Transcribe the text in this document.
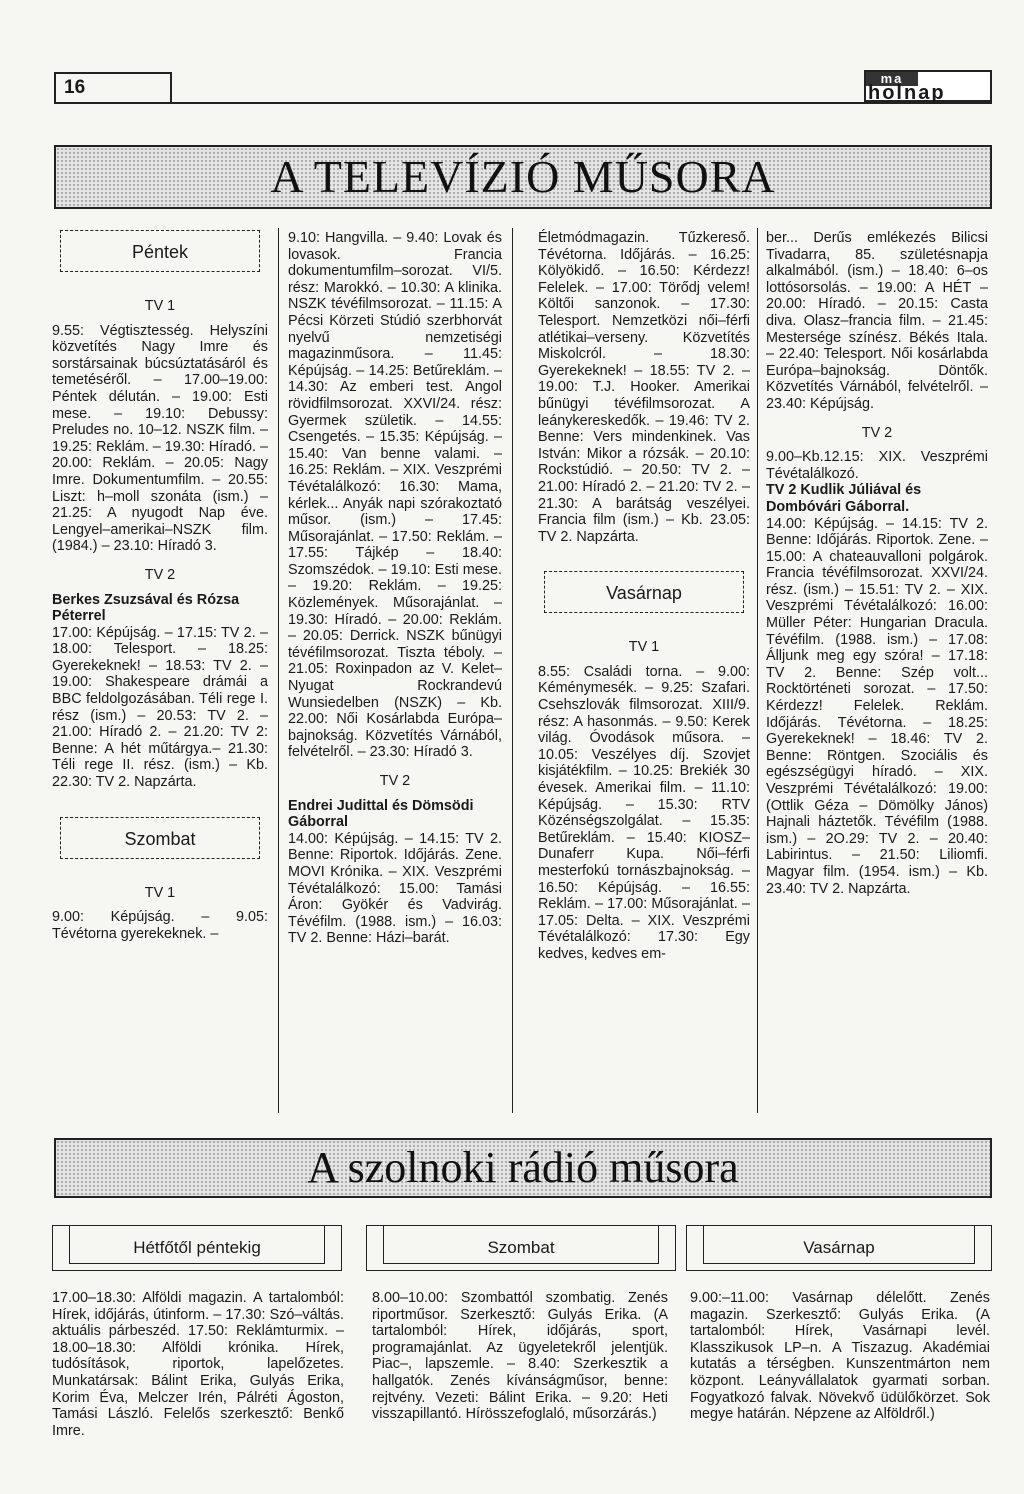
16	ma
holnap
A TELEVÍZIÓ MŰSORA
Péntek

TV 1

9.55: Végtisztesség. Helyszíni közvetítés Nagy Imre és sorstársainak búcsúztatásáról és temetéséről. – 17.00–19.00: Péntek délután. – 19.00: Esti mese. – 19.10: Debussy: Preludes no. 10–12. NSZK film. – 19.25: Reklám. – 19.30: Híradó. – 20.00: Reklám. – 20.05: Nagy Imre. Dokumentumfilm. – 20.55: Liszt: h–moll szonáta (ism.) – 21.25: A nyugodt Nap éve. Lengyel–amerikai–NSZK film. (1984.) – 23.10: Híradó 3.

TV 2

Berkes Zsuzsával és Rózsa Péterrel

17.00: Képújság. – 17.15: TV 2. – 18.00: Telesport. – 18.25: Gyerekeknek! – 18.53: TV 2. – 19.00: Shakespeare drámái a BBC feldolgozásában. Téli rege I. rész (ism.) – 20.53: TV 2. – 21.00: Híradó 2. – 21.20: TV 2: Benne: A hét műtárgya.– 21.30: Téli rege II. rész. (ism.) – Kb. 22.30: TV 2. Napzárta.

Szombat

TV 1

9.00: Képújság. – 9.05: Tévétorna gyerekeknek. –

9.10: Hangvilla. – 9.40: Lovak és lovasok. Francia dokumentumfilm–sorozat. VI/5. rész: Marokkó. – 10.30: A klinika. NSZK tévéfilmsorozat. – 11.15: A Pécsi Körzeti Stúdió szerbhorvát nyelvű nemzetiségi magazinműsora. – 11.45: Képújság. – 14.25: Betűreklám. – 14.30: Az emberi test. Angol rövidfilmsorozat. XXVI/24. rész: Gyermek születik. – 14.55: Csengetés. – 15.35: Képújság. – 15.40: Van benne valami. – 16.25: Reklám. – XIX. Veszprémi Tévétalálkozó: 16.30: Mama, kérlek... Anyák napi szórakoztató műsor. (ism.) – 17.45: Műsorajánlat. – 17.50: Reklám. – 17.55: Tájkép – 18.40: Szomszédok. – 19.10: Esti mese. – 19.20: Reklám. – 19.25: Közlemények. Műsorajánlat. – 19.30: Híradó. – 20.00: Reklám. – 20.05: Derrick. NSZK bűnügyi tévéfilmsorozat. Tiszta téboly. – 21.05: Roxinpadon az V. Kelet–Nyugat Rockrandevú Wunsiedelben (NSZK) – Kb. 22.00: Női Kosárlabda Európa–bajnokság. Közvetítés Várnából, felvételről. – 23.30: Híradó 3.

TV 2

Endrei Judittal és Dömsödi Gáborral

14.00: Képújság. – 14.15: TV 2. Benne: Riportok. Időjárás. Zene. MOVI Krónika. – XIX. Veszprémi Tévétalálkozó: 15.00: Tamási Áron: Gyökér és Vadvirág. Tévéfilm. (1988. ism.) – 16.03: TV 2. Benne: Házi–barát.

Életmódmagazin. Tűzkereső. Tévétorna. Időjárás. – 16.25: Kölyökidő. – 16.50: Kérdezz! Felelek. – 17.00: Törődj velem! Költői sanzonok. – 17.30: Telesport. Nemzetközi női–férfi atlétikai–verseny. Közvetítés Miskolcról. – 18.30: Gyerekeknek! – 18.55: TV 2. – 19.00: T.J. Hooker. Amerikai bűnügyi tévéfilmsorozat. A leánykereskedők. – 19.46: TV 2. Benne: Vers mindenkinek. Vas István: Mikor a rózsák. – 20.10: Rockstúdió. – 20.50: TV 2. – 21.00: Híradó 2. – 21.20: TV 2. – 21.30: A barátság veszélyei. Francia film (ism.) – Kb. 23.05: TV 2. Napzárta.

Vasárnap

TV 1

8.55: Családi torna. – 9.00: Kéménymesék. – 9.25: Szafari. Csehszlovák filmsorozat. XIII/9. rész: A hasonmás. – 9.50: Kerek világ. Óvodások műsora. – 10.05: Veszélyes díj. Szovjet kisjátékfilm. – 10.25: Brekiék 30 évesek. Amerikai film. – 11.10: Képújság. – 15.30: RTV Közénségszolgálat. – 15.35: Betűreklám. – 15.40: KIOSZ–Dunaferr Kupa. Női–férfi mesterfokú tornászbajnokság. – 16.50: Képújság. – 16.55: Reklám. – 17.00: Műsorajánlat. – 17.05: Delta. – XIX. Veszprémi Tévétalálkozó: 17.30: Egy kedves, kedves em-

ber... Derűs emlékezés Bilicsi Tivadarra, 85. születésnapja alkalmából. (ism.) – 18.40: 6–os lottósorsolás. – 19.00: A HÉT – 20.00: Híradó. – 20.15: Casta diva. Olasz–francia film. – 21.45: Mestersége színész. Békés Itala. – 22.40: Telesport. Női kosárlabda Európa–bajnokság. Döntők. Közvetítés Várnából, felvételről. – 23.40: Képújság.

TV 2

9.00–Kb.12.15: XIX. Veszprémi Tévétalálkozó.

TV 2 Kudlik Júliával és Dombóvári Gáborral.

14.00: Képújság. – 14.15: TV 2. Benne: Időjárás. Riportok. Zene. – 15.00: A chateauvalloni polgárok. Francia tévéfilmsorozat. XXVI/24. rész. (ism.) – 15.51: TV 2. – XIX. Veszprémi Tévétalálkozó: 16.00: Müller Péter: Hungarian Dracula. Tévéfilm. (1988. ism.) – 17.08: Álljunk meg egy szóra! – 17.18: TV 2. Benne: Szép volt... Rocktörténeti sorozat. – 17.50: Kérdezz! Felelek. Reklám. Időjárás. Tévétorna. – 18.25: Gyerekeknek! – 18.46: TV 2. Benne: Röntgen. Szociális és egészségügyi híradó. – XIX. Veszprémi Tévétalálkozó: 19.00: (Ottlik Géza – Dömölky János) Hajnali háztetők. Tévéfilm (1988. ism.) – 2O.29: TV 2. – 20.40: Labirintus. – 21.50: Liliomfi. Magyar film. (1954. ism.) – Kb. 23.40: TV 2. Napzárta.

A szolnoki rádió műsora
Hétfőtől péntekig	Szombat	Vasárnap

17.00–18.30: Alföldi magazin. A tartalomból: Hírek, időjárás, útinform. – 17.30: Szó–váltás. aktuális párbeszéd. 17.50: Reklámturmix. – 18.00–18.30: Alföldi krónika. Hírek, tudósítások, riportok, lapelőzetes. Munkatársak: Bálint Erika, Gulyás Erika, Korim Éva, Melczer Irén, Pálréti Ágoston, Tamási László. Felelős szerkesztő: Benkő Imre.

8.00–10.00: Szombattól szombatig. Zenés riportműsor. Szerkesztő: Gulyás Erika. (A tartalomból: Hírek, időjárás, sport, programajánlat. Az ügyeletekről jelentjük. Piac–, lapszemle. – 8.40: Szerkesztik a hallgatók. Zenés kívánságműsor, benne: rejtvény. Vezeti: Bálint Erika. – 9.20: Heti visszapillantó. Hírösszefoglaló, műsorzárás.)

9.00:–11.00: Vasárnap délelőtt. Zenés magazin. Szerkesztő: Gulyás Erika. (A tartalomból: Hírek, Vasárnapi levél. Klasszikusok LP–n. A Tiszazug. Akadémiai kutatás a térségben. Kunszentmárton nem központ. Leányvállalatok gyarmati sorban. Fogyatkozó falvak. Növekvő üdülőkörzet. Sok megye határán. Népzene az Alföldről.)
